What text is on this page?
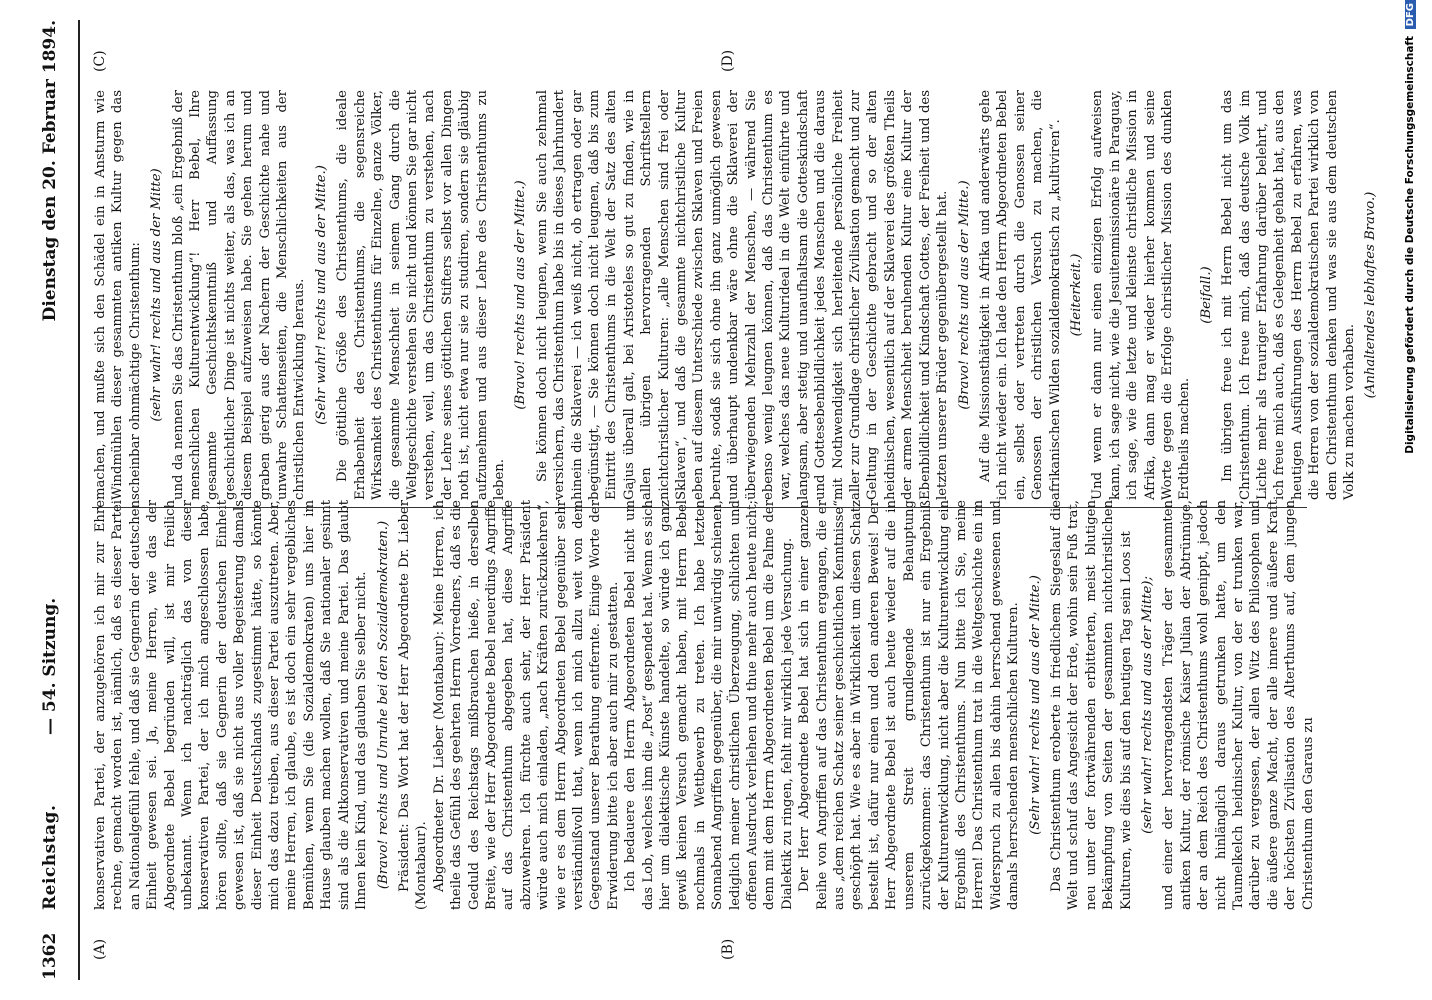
1362
Reichstag.
— 54. Sitzung.
Dienstag den 20. Februar 1894.
(A)	(B)
(C)	(D)

konservativen Partei, der anzugehören ich mir zur Ehre rechne, gemacht worden ist, nämlich, daß es dieser Partei an Nationalgefühl fehle, und daß sie Gegnerin der deutschen Einheit gewesen sei. Ja, meine Herren, wie das der Abgeordnete Bebel begründen will, ist mir freilich unbekannt. Wenn ich nachträglich das von dieser konservativen Partei, der ich mich angeschlossen habe, hören sollte, daß sie Gegnerin der deutschen Einheit gewesen ist, daß sie nicht aus voller Begeisterung damals dieser Einheit Deutschlands zugestimmt hätte, so könnte mich das dazu treiben, aus dieser Partei auszutreten. Aber, meine Herren, ich glaube, es ist doch ein sehr vergebliches Bemühen, wenn Sie (die Sozialdemokraten) uns hier im Hause glauben machen wollen, daß Sie nationaler gesinnt sind als die Altkonservativen und meine Partei. Das glaubt Ihnen kein Kind, und das glauben Sie selber nicht. (Bravo! rechts und Unruhe bei den Sozialdemokraten.) Präsident: Das Wort hat der Herr Abgeordnete Dr. Lieber (Montabaur). Abgeordneter Dr. Lieber (Montabaur): Meine Herren, ich theile das Gefühl des geehrten Herrn Vorredners, daß es die Geduld des Reichstags mißbrauchen hieße, in derselben Breite, wie der Herr Abgeordnete Bebel neuerdings Angriffe auf das Christenthum abgegeben hat, diese Angriffe abzuwehren. Ich fürchte auch sehr, der Herr Präsident würde auch mich einladen, „nach Kräften zurückzukehren“, wie er es dem Herrn Abgeordneten Bebel gegenüber sehr verständnißvoll that, wenn ich mich allzu weit von dem Gegenstand unserer Berathung entfernte. Einige Worte der Erwiderung bitte ich aber auch mir zu gestatten. Ich bedauere den Herrn Abgeordneten Bebel nicht um das Lob, welches ihm die „Post“ gespendet hat. Wenn es sich hier um dialektische Künste handelte, so würde ich ganz gewiß keinen Versuch gemacht haben, mit Herrn Bebel nochmals in Wettbewerb zu treten. Ich habe letzten Sonnabend Angriffen gegenüber, die mir unwürdig schienen, lediglich meiner christlichen Überzeugung, schlichten und offenen Ausdruck verliehen und thue mehr auch heute nicht; denn mit dem Herrn Abgeordneten Bebel um die Palme der Dialektik zu ringen, fehlt mir wirklich jede Versuchung. Der Herr Abgeordnete Bebel hat sich in einer ganzen Reihe von Angriffen auf das Christenthum ergangen, die er aus „dem reichen Schatz seiner geschichtlichen Kenntnisse“ geschöpft hat. Wie es aber in Wirklichkeit um diesen Schatz bestellt ist, dafür nur einen und den anderen Beweis! Der Herr Abgeordnete Bebel ist auch heute wieder auf die in unserem Streit grundlegende Behauptung zurückgekommen: das Christenthum ist nur ein Ergebniß der Kulturentwicklung, nicht aber die Kulturentwicklung ein Ergebniß des Christenthums. Nun bitte ich Sie, meine Herren! Das Christenthum trat in die Weltgeschichte ein im Widerspruch zu allen bis dahin herrschend gewesenen und damals herrschenden menschlichen Kulturen. (Sehr wahr! rechts und aus der Mitte.) Das Christenthum eroberte in friedlichem Siegeslauf die Welt und schuf das Angesicht der Erde, wohin sein Fuß trat, neu unter der fortwährenden erbitterten, meist blutigen Bekämpfung von Seiten der gesammten nichtchristlichen Kulturen, wie dies bis auf den heutigen Tag sein Loos ist (sehr wahr! rechts und aus der Mitte); und einer der hervorragendsten Träger der gesammten antiken Kultur, der römische Kaiser Julian der Abtrünnige, der an dem Reich des Christenthums wohl genippt, jedoch nicht hinlänglich daraus getrunken hatte, um den Taumelkelch heidnischer Kultur, von der er trunken war, darüber zu vergessen, der allen Witz des Philosophen und die äußere ganze Macht, der alle innere und äußere Kraft der höchsten Zivilisation des Alterthums auf, dem jungen Christenthum den Garaus zu

machen, und mußte sich den Schädel ein in Ansturm wie Windmühlen dieser gesammten antiken Kultur gegen das scheinbar ohnmächtige Christenthum: (sehr wahr! rechts und aus der Mitte) und da nennen Sie das Christenthum bloß „ein Ergebniß der menschlichen Kulturentwicklung“! Herr Bebel, Ihre gesammte Geschichtskenntniß und Auffassung geschichtlicher Dinge ist nichts weiter, als das, was ich an diesem Beispiel aufzuweisen habe. Sie gehen herum und graben gierig aus der Nachern der Geschichte nahe und unwahre Schattenseiten, die Menschlichkeiten aus der christlichen Entwicklung heraus. (Sehr wahr! rechts und aus der Mitte.) Die göttliche Größe des Christenthums, die ideale Erhabenheit des Christenthums, die segensreiche Wirksamkeit des Christenthums für Einzelne, ganze Völker, die gesammte Menschheit in seinem Gang durch die Weltgeschichte verstehen Sie nicht und können Sie gar nicht verstehen, weil, um das Christenthum zu verstehen, nach der Lehre seines göttlichen Stifters selbst vor allen Dingen noth ist, nicht etwa nur sie zu studiren, sondern sie gläubig aufzunehmen und aus dieser Lehre des Christenthums zu leben.

(Bravo! rechts und aus der Mitte.) Sie können doch nicht leugnen, wenn Sie auch zehnmal versichern, das Christenthum habe bis in dieses Jahrhundert hinein die Sklaverei — ich weiß nicht, ob ertragen oder gar begünstigt, — Sie können doch nicht leugnen, daß bis zum Eintritt des Christenthums in die Welt der Satz des alten Gajus überall galt, bei Aristoteles so gut zu finden, wie in allen übrigen hervorragenden Schriftstellern nichtchristlicher Kulturen: „alle Menschen sind frei oder Sklaven“, und daß die gesammte nichtchristliche Kultur eben auf diesem Unterschiede zwischen Sklaven und Freien beruhte, sodaß sie sich ohne ihn ganz unmöglich gewesen und überhaupt undenkbar wäre ohne die Sklaverei der überwiegenden Mehrzahl der Menschen, — während Sie ebenso wenig leugnen können, daß das Christenthum es war, welches das neue Kulturideal in die Welt einführte und langsam, aber stetig und unaufhaltsam die Gotteskindschaft und Gottesebenbildlichkeit jedes Menschen und die daraus mit Nothwendigkeit sich herleitende persönliche Freiheit aller zur Grundlage christlicher Zivilisation gemacht und zur Geltung in der Geschichte gebracht und so der alten heidnischen, wesentlich auf der Sklaverei des größten Theils der armen Menschheit beruhenden Kultur eine Kultur der Ebenbildlichkeit und Kindschaft Gottes, der Freiheit und des letzten unserer Brüder gegenübergestellt hat. (Bravo! rechts und aus der Mitte.) Auf die Missionsthätigkeit in Afrika und anderwärts gehe ich nicht wieder ein. Ich lade den Herrn Abgeordneten Bebel ein, selbst oder vertreten durch die Genossen seiner Genossen der christlichen Versuch zu machen, die afrikanischen Wilden sozialdemokratisch zu „kultiviren“. (Heiterkeit.) Und wenn er dann nur einen einzigen Erfolg aufweisen kann, ich sage nicht, wie die Jesuitenmissionäre in Paraguay, ich sage, wie die letzte und kleinste christliche Mission in Afrika, dann mag er wieder hierher kommen und seine Worte gegen die Erfolge christlicher Mission des dunklen Erdtheils machen.

(Beifall.) Im übrigen freue ich mit Herrn Bebel nicht um das Christenthum. Ich freue mich, daß das deutsche Volk im Lichte mehr als trauriger Erfahrung darüber belehrt, und ich freue mich auch, daß es Gelegenheit gehabt hat, aus den heutigen Ausführungen des Herrn Bebel zu erfahren, was die Herren von der sozialdemokratischen Partei wirklich von dem Christenthum denken und was sie aus dem deutschen Volk zu machen vorhaben.

(Anhaltendes lebhaftes Bravo.) Digitalisierung gefördert durch die Deutsche Forschungsgemeinschaft DFG
